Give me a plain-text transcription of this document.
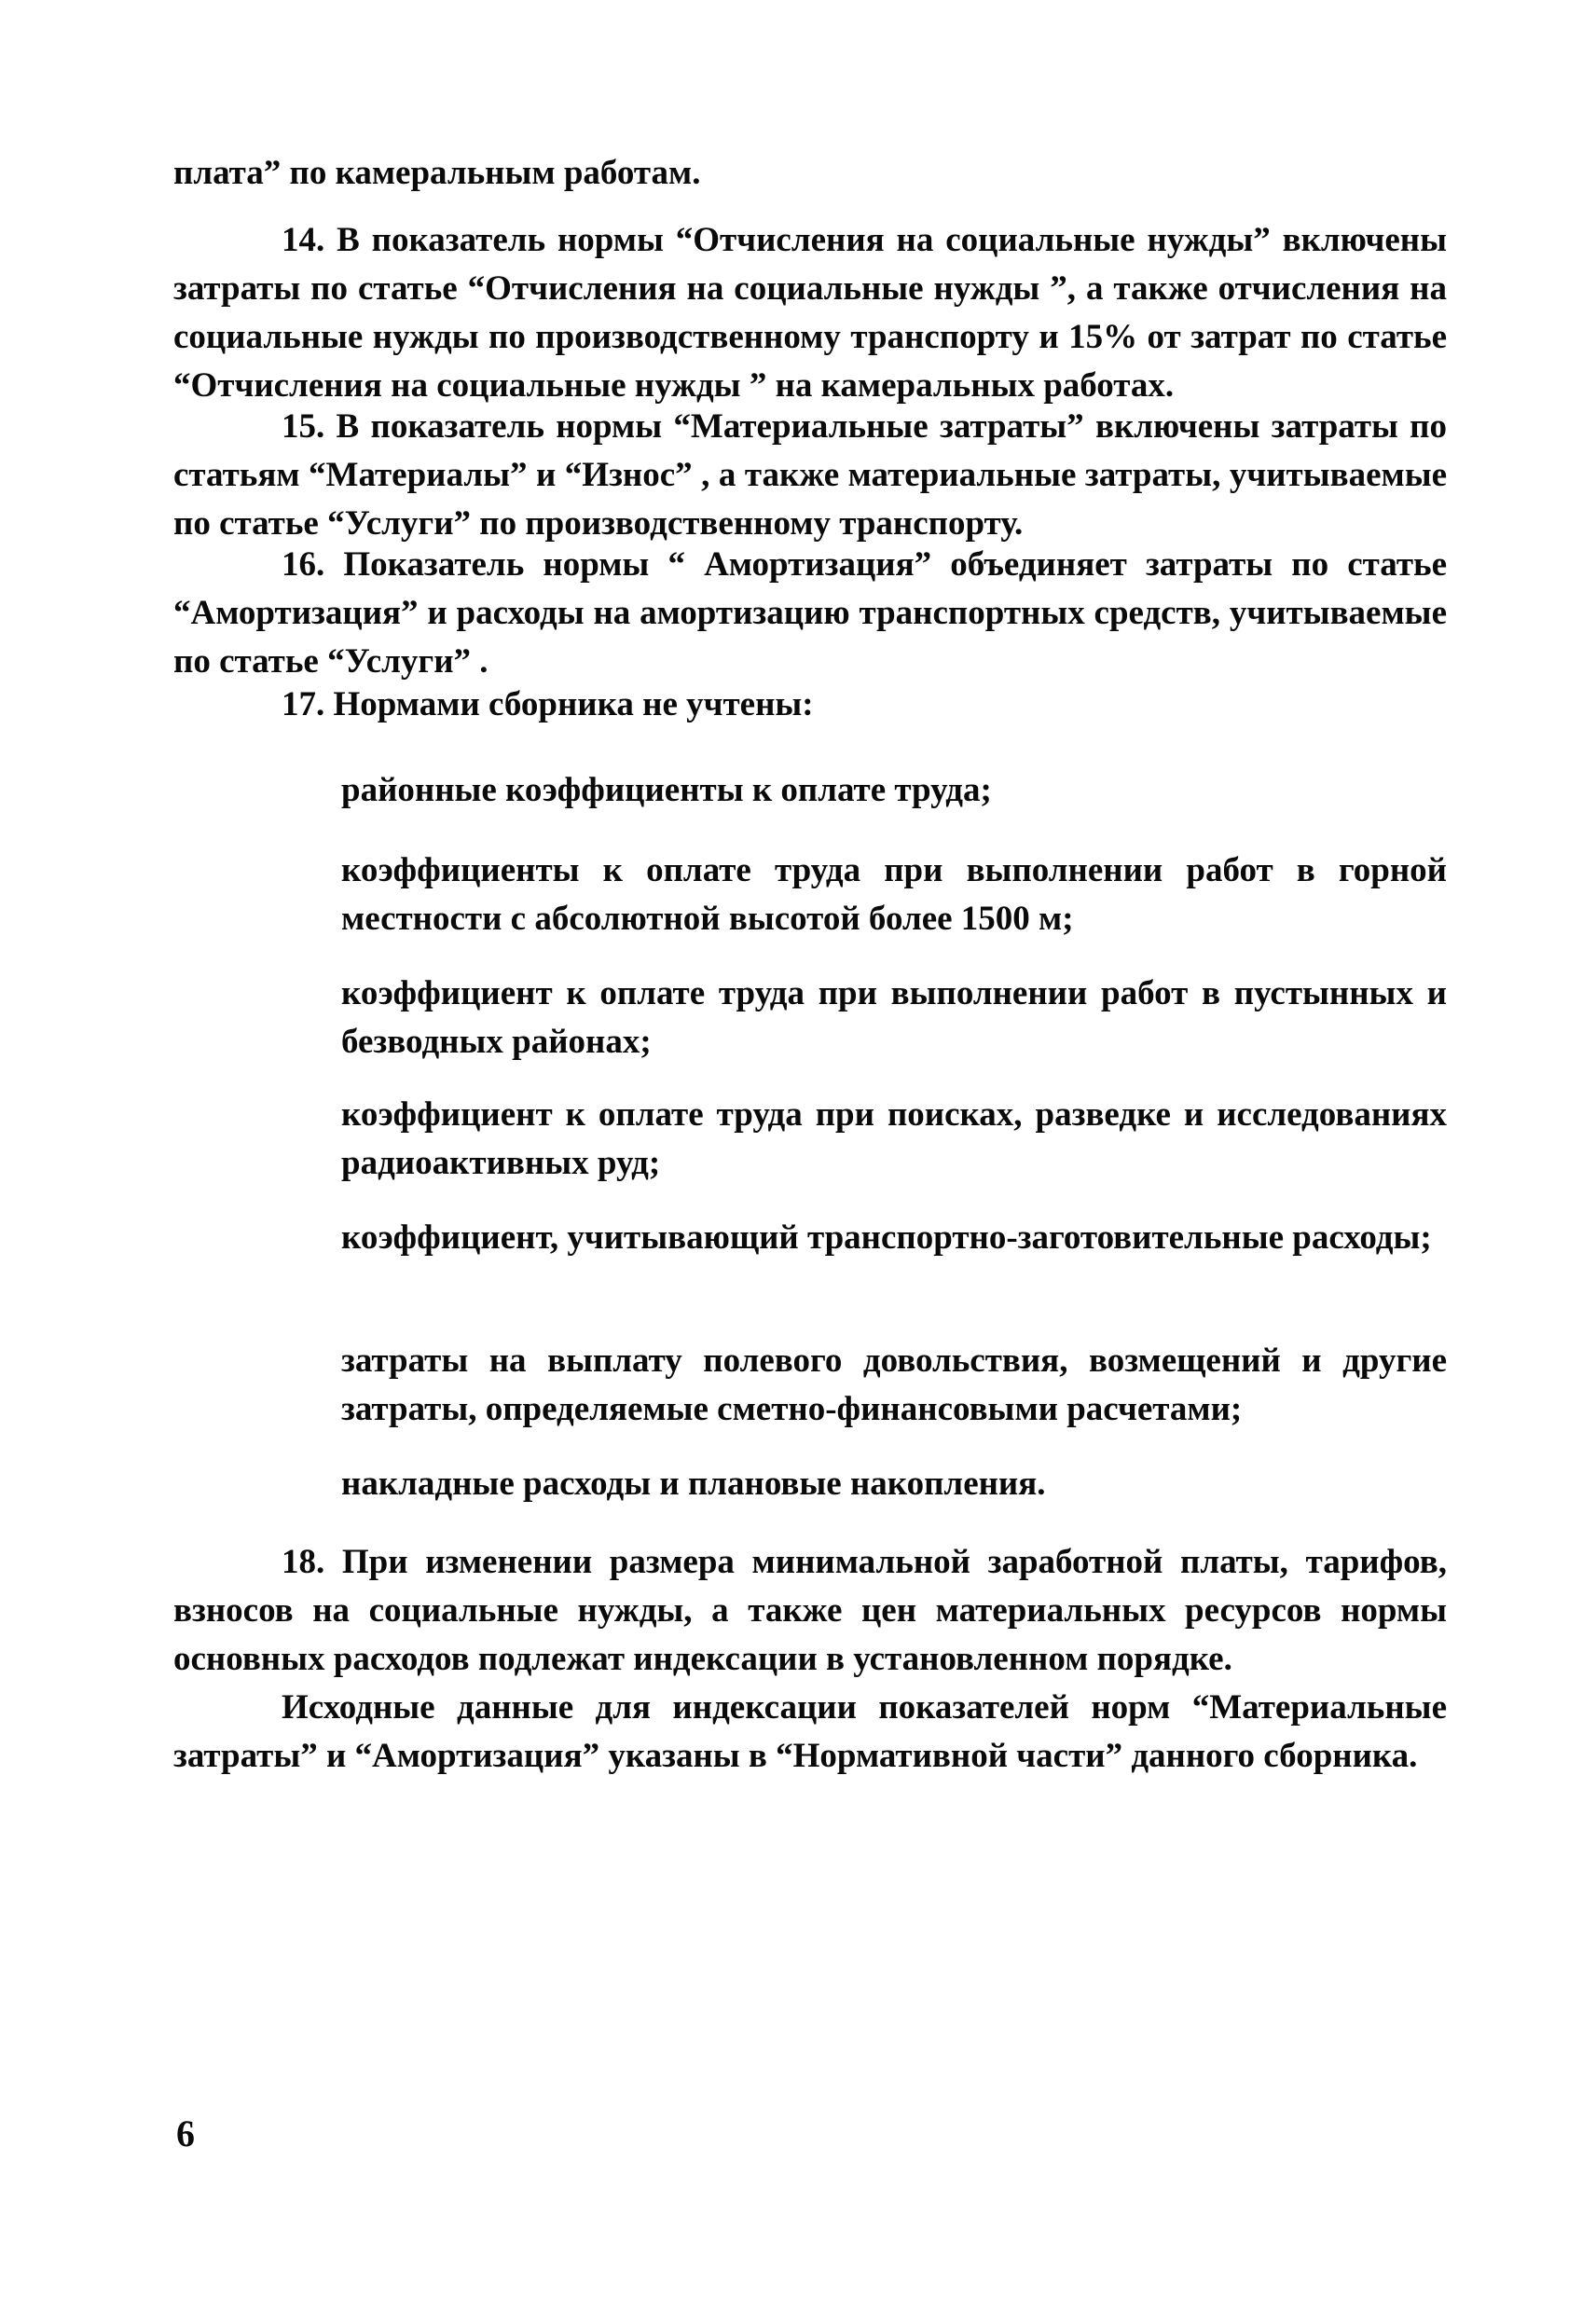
плата” по камеральным работам.
14. В показатель нормы “Отчисления на социальные нужды” включены затраты по статье “Отчисления на социальные нужды ”, а также отчисления на социальные нужды по производственному транспорту и 15% от затрат по статье “Отчисления на социальные нужды ” на камеральных работах.
15. В показатель нормы “Материальные затраты” включены затраты по статьям “Материалы” и “Износ” , а также материальные затраты, учитываемые по статье “Услуги” по производственному транспорту.
16. Показатель нормы “ Амортизация” объединяет затраты по статье “Амортизация” и расходы на амортизацию транспортных средств, учитываемые по статье “Услуги” .
17. Нормами сборника не учтены:
районные коэффициенты к оплате труда;
коэффициенты к оплате труда при выполнении работ в горной местности с абсолютной высотой более 1500 м;
коэффициент к оплате труда при выполнении работ в пустынных и безводных районах;
коэффициент к оплате труда при поисках, разведке и исследованиях радиоактивных руд;
коэффициент, учитывающий транспортно-заготовительные расходы;
затраты на выплату полевого довольствия, возмещений и другие затраты, определяемые сметно-финансовыми расчетами;
накладные расходы и плановые накопления.
18. При изменении размера минимальной заработной платы, тарифов, взносов на социальные нужды, а также цен материальных ресурсов нормы основных расходов подлежат индексации в установленном порядке.
Исходные данные для индексации показателей норм “Материальные затраты” и “Амортизация” указаны в “Нормативной части” данного сборника.
6
